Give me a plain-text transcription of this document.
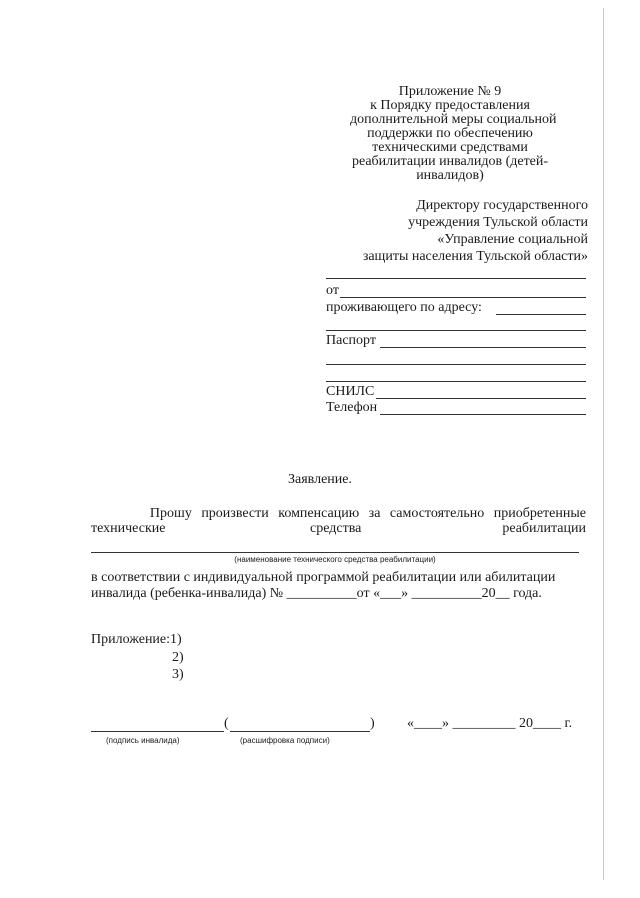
Приложение № 9
к Порядку предоставления
дополнительной меры социальной
поддержки по обеспечению
техническими средствами
реабилитации инвалидов (детей-
инвалидов)
Директору государственного
учреждения Тульской области
«Управление социальной
защиты населения Тульской области»
от
проживающего по адресу:
Паспорт
СНИЛС
Телефон
Заявление.
Прошу произвести компенсацию за самостоятельно приобретенные
технические	средства	реабилитации
(наименование технического средства реабилитации)
в соответствии с индивидуальной программой реабилитации или абилитации
инвалида (ребенка-инвалида) № __________от «___» __________20__ года.
Приложение:1)
2)
3)
(	) «____» _________ 20____ г.
(подпись инвалида)	(расшифровка подписи)
